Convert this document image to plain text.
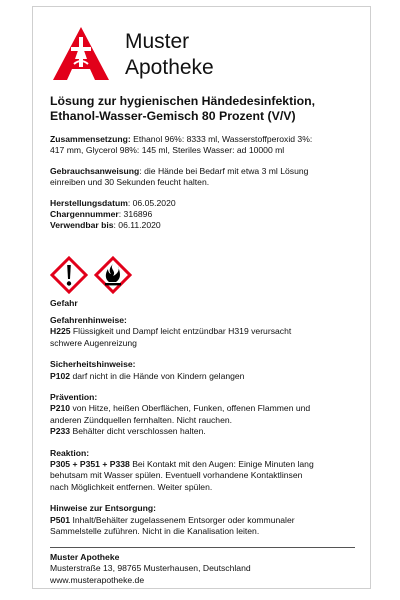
Muster
Apotheke
Lösung zur hygienischen Händedesinfektion,
Ethanol-Wasser-Gemisch 80 Prozent (V/V)
Zusammensetzung: Ethanol 96%: 8333 ml, Wasserstoffperoxid 3%:
417 mm, Glycerol 98%: 145 ml, Steriles Wasser: ad 10000 ml
Gebrauchsanweisung: die Hände bei Bedarf mit etwa 3 ml Lösung
einreiben und 30 Sekunden feucht halten.
Herstellungsdatum: 06.05.2020
Chargennummer: 316896
Verwendbar bis: 06.11.2020

Gefahr
Gefahrenhinweise:
H225 Flüssigkeit und Dampf leicht entzündbar H319 verursacht
schwere Augenreizung
Sicherheitshinweise:
P102 darf nicht in die Hände von Kindern gelangen
Prävention:
P210 von Hitze, heißen Oberflächen, Funken, offenen Flammen und
anderen Zündquellen fernhalten. Nicht rauchen.
P233 Behälter dicht verschlossen halten.
Reaktion:
P305 + P351 + P338 Bei Kontakt mit den Augen: Einige Minuten lang
behutsam mit Wasser spülen. Eventuell vorhandene Kontaktlinsen
nach Möglichkeit entfernen. Weiter spülen.
Hinweise zur Entsorgung:
P501 Inhalt/Behälter zugelassenem Entsorger oder kommunaler
Sammelstelle zuführen. Nicht in die Kanalisation leiten.
Muster Apotheke
Musterstraße 13, 98765 Musterhausen, Deutschland
www.musterapotheke.de
